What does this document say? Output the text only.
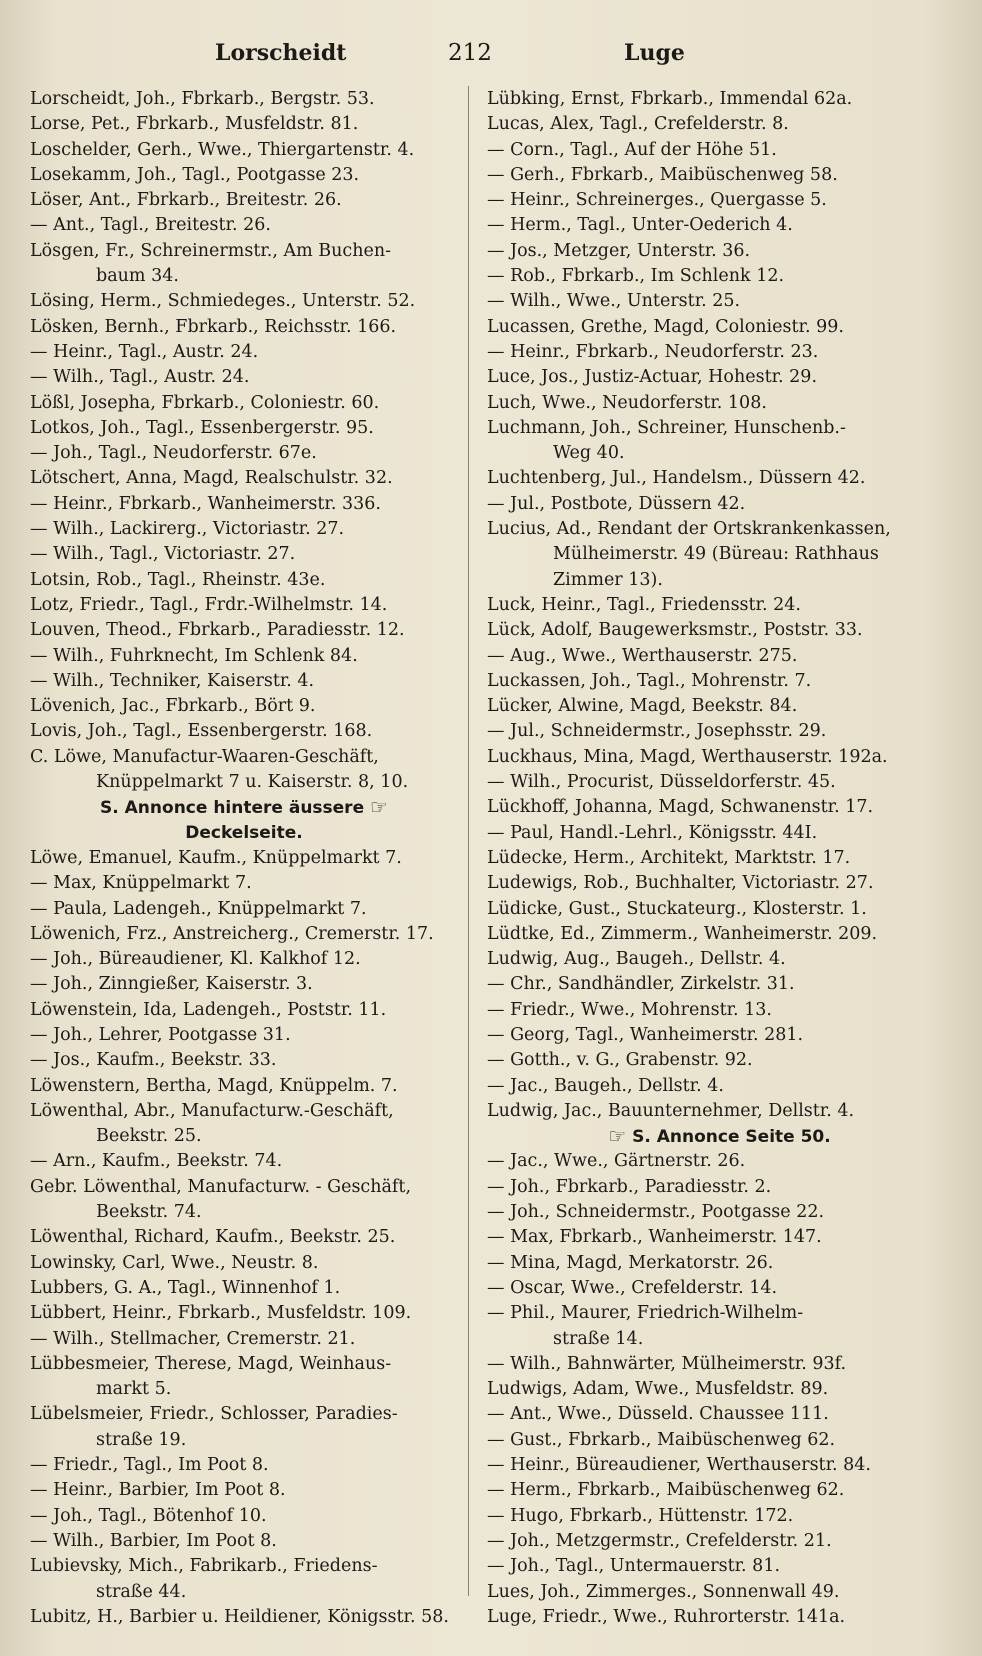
Lorscheidt	212	Luge
Lorscheidt, Joh., Fbrkarb., Bergstr. 53.
Lorse, Pet., Fbrkarb., Musfeldstr. 81.
Loschelder, Gerh., Wwe., Thiergartenstr. 4.
Losekamm, Joh., Tagl., Pootgasse 23.
Löser, Ant., Fbrkarb., Breitestr. 26.
— Ant., Tagl., Breitestr. 26.
Lösgen, Fr., Schreinermstr., Am Buchen-
baum 34.
Lösing, Herm., Schmiedeges., Unterstr. 52.
Lösken, Bernh., Fbrkarb., Reichsstr. 166.
— Heinr., Tagl., Austr. 24.
— Wilh., Tagl., Austr. 24.
Lößl, Josepha, Fbrkarb., Coloniestr. 60.
Lotkos, Joh., Tagl., Essenbergerstr. 95.
— Joh., Tagl., Neudorferstr. 67e.
Lötschert, Anna, Magd, Realschulstr. 32.
— Heinr., Fbrkarb., Wanheimerstr. 336.
— Wilh., Lackirerg., Victoriastr. 27.
— Wilh., Tagl., Victoriastr. 27.
Lotsin, Rob., Tagl., Rheinstr. 43e.
Lotz, Friedr., Tagl., Frdr.-Wilhelmstr. 14.
Louven, Theod., Fbrkarb., Paradiesstr. 12.
— Wilh., Fuhrknecht, Im Schlenk 84.
— Wilh., Techniker, Kaiserstr. 4.
Lövenich, Jac., Fbrkarb., Bört 9.
Lovis, Joh., Tagl., Essenbergerstr. 168.
C. Löwe, Manufactur-Waaren-Geschäft,
Knüppelmarkt 7 u. Kaiserstr. 8, 10.
S. Annonce hintere äussere ☞
Deckelseite.
Löwe, Emanuel, Kaufm., Knüppelmarkt 7.
— Max, Knüppelmarkt 7.
— Paula, Ladengeh., Knüppelmarkt 7.
Löwenich, Frz., Anstreicherg., Cremerstr. 17.
— Joh., Büreaudiener, Kl. Kalkhof 12.
— Joh., Zinngießer, Kaiserstr. 3.
Löwenstein, Ida, Ladengeh., Poststr. 11.
— Joh., Lehrer, Pootgasse 31.
— Jos., Kaufm., Beekstr. 33.
Löwenstern, Bertha, Magd, Knüppelm. 7.
Löwenthal, Abr., Manufacturw.-Geschäft,
Beekstr. 25.
— Arn., Kaufm., Beekstr. 74.
Gebr. Löwenthal, Manufacturw. - Geschäft,
Beekstr. 74.
Löwenthal, Richard, Kaufm., Beekstr. 25.
Lowinsky, Carl, Wwe., Neustr. 8.
Lubbers, G. A., Tagl., Winnenhof 1.
Lübbert, Heinr., Fbrkarb., Musfeldstr. 109.
— Wilh., Stellmacher, Cremerstr. 21.
Lübbesmeier, Therese, Magd, Weinhaus-
markt 5.
Lübelsmeier, Friedr., Schlosser, Paradies-
straße 19.
— Friedr., Tagl., Im Poot 8.
— Heinr., Barbier, Im Poot 8.
— Joh., Tagl., Bötenhof 10.
— Wilh., Barbier, Im Poot 8.
Lubievsky, Mich., Fabrikarb., Friedens-
straße 44.
Lubitz, H., Barbier u. Heildiener, Königsstr. 58.
Lübking, Ernst, Fbrkarb., Immendal 62a.
Lucas, Alex, Tagl., Crefelderstr. 8.
— Corn., Tagl., Auf der Höhe 51.
— Gerh., Fbrkarb., Maibüschenweg 58.
— Heinr., Schreinerges., Quergasse 5.
— Herm., Tagl., Unter-Oederich 4.
— Jos., Metzger, Unterstr. 36.
— Rob., Fbrkarb., Im Schlenk 12.
— Wilh., Wwe., Unterstr. 25.
Lucassen, Grethe, Magd, Coloniestr. 99.
— Heinr., Fbrkarb., Neudorferstr. 23.
Luce, Jos., Justiz-Actuar, Hohestr. 29.
Luch, Wwe., Neudorferstr. 108.
Luchmann, Joh., Schreiner, Hunschenb.-
Weg 40.
Luchtenberg, Jul., Handelsm., Düssern 42.
— Jul., Postbote, Düssern 42.
Lucius, Ad., Rendant der Ortskrankenkassen,
Mülheimerstr. 49 (Büreau: Rathhaus
Zimmer 13).
Luck, Heinr., Tagl., Friedensstr. 24.
Lück, Adolf, Baugewerksmstr., Poststr. 33.
— Aug., Wwe., Werthauserstr. 275.
Luckassen, Joh., Tagl., Mohrenstr. 7.
Lücker, Alwine, Magd, Beekstr. 84.
— Jul., Schneidermstr., Josephsstr. 29.
Luckhaus, Mina, Magd, Werthauserstr. 192a.
— Wilh., Procurist, Düsseldorferstr. 45.
Lückhoff, Johanna, Magd, Schwanenstr. 17.
— Paul, Handl.-Lehrl., Königsstr. 44I.
Lüdecke, Herm., Architekt, Marktstr. 17.
Ludewigs, Rob., Buchhalter, Victoriastr. 27.
Lüdicke, Gust., Stuckateurg., Klosterstr. 1.
Lüdtke, Ed., Zimmerm., Wanheimerstr. 209.
Ludwig, Aug., Baugeh., Dellstr. 4.
— Chr., Sandhändler, Zirkelstr. 31.
— Friedr., Wwe., Mohrenstr. 13.
— Georg, Tagl., Wanheimerstr. 281.
— Gotth., v. G., Grabenstr. 92.
— Jac., Baugeh., Dellstr. 4.
Ludwig, Jac., Bauunternehmer, Dellstr. 4.
☞ S. Annonce Seite 50.
— Jac., Wwe., Gärtnerstr. 26.
— Joh., Fbrkarb., Paradiesstr. 2.
— Joh., Schneidermstr., Pootgasse 22.
— Max, Fbrkarb., Wanheimerstr. 147.
— Mina, Magd, Merkatorstr. 26.
— Oscar, Wwe., Crefelderstr. 14.
— Phil., Maurer, Friedrich-Wilhelm-
straße 14.
— Wilh., Bahnwärter, Mülheimerstr. 93f.
Ludwigs, Adam, Wwe., Musfeldstr. 89.
— Ant., Wwe., Düsseld. Chaussee 111.
— Gust., Fbrkarb., Maibüschenweg 62.
— Heinr., Büreaudiener, Werthauserstr. 84.
— Herm., Fbrkarb., Maibüschenweg 62.
— Hugo, Fbrkarb., Hüttenstr. 172.
— Joh., Metzgermstr., Crefelderstr. 21.
— Joh., Tagl., Untermauerstr. 81.
Lues, Joh., Zimmerges., Sonnenwall 49.
Luge, Friedr., Wwe., Ruhrorterstr. 141a.
